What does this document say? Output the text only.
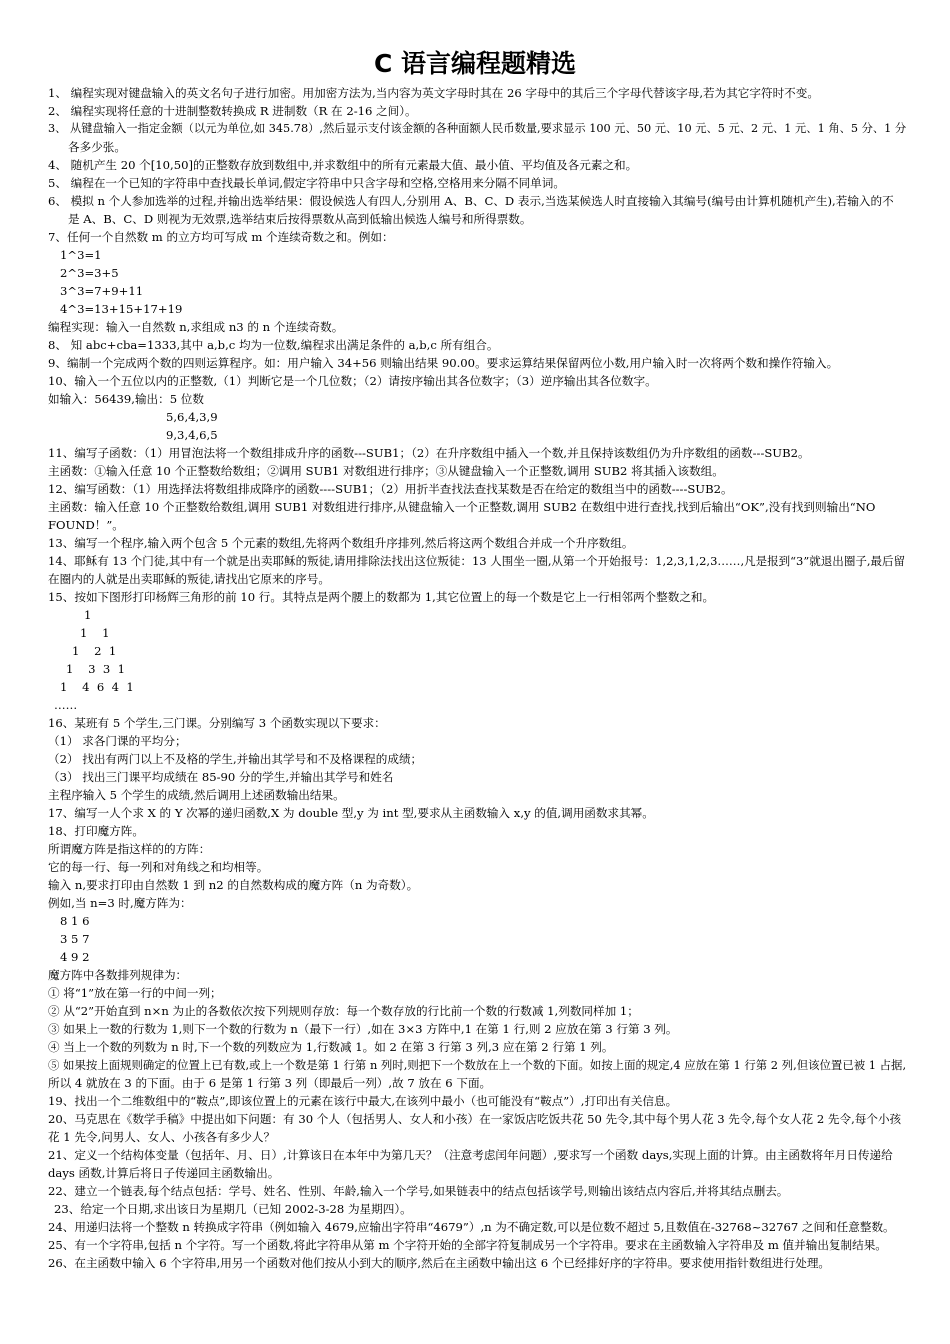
C 语言编程题精选
1、 编程实现对键盘输入的英文名句子进行加密。用加密方法为,当内容为英文字母时其在 26 字母中的其后三个字母代替该字母,若为其它字符时不变。
2、 编程实现将任意的十进制整数转换成 R 进制数（R 在 2-16 之间）。
3、 从键盘输入一指定金额（以元为单位,如 345.78）,然后显示支付该金额的各种面额人民币数量,要求显示 100 元、50 元、10 元、5 元、2 元、1 元、1 角、5 分、1 分
各多少张。
4、 随机产生 20 个[10,50]的正整数存放到数组中,并求数组中的所有元素最大值、最小值、平均值及各元素之和。
5、 编程在一个已知的字符串中查找最长单词,假定字符串中只含字母和空格,空格用来分隔不同单词。
6、 模拟 n 个人参加选举的过程,并输出选举结果：假设候选人有四人,分别用 A、B、C、D 表示,当选某候选人时直接输入其编号(编号由计算机随机产生),若输入的不
是 A、B、C、D 则视为无效票,选举结束后按得票数从高到低输出候选人编号和所得票数。
7、任何一个自然数 m 的立方均可写成 m 个连续奇数之和。例如：
1^3=1
2^3=3+5
3^3=7+9+11
4^3=13+15+17+19
编程实现：输入一自然数 n,求组成 n3 的 n 个连续奇数。
8、 知 abc+cba=1333,其中 a,b,c 均为一位数,编程求出满足条件的 a,b,c 所有组合。
9、编制一个完成两个数的四则运算程序。如：用户输入 34+56 则输出结果 90.00。要求运算结果保留两位小数,用户输入时一次将两个数和操作符输入。
10、输入一个五位以内的正整数,（1）判断它是一个几位数；（2）请按序输出其各位数字；（3）逆序输出其各位数字。
如输入：56439,输出：5 位数
5,6,4,3,9
9,3,4,6,5
11、编写子函数：（1）用冒泡法将一个数组排成升序的函数---SUB1；（2）在升序数组中插入一个数,并且保持该数组仍为升序数组的函数---SUB2。
主函数：①输入任意 10 个正整数给数组；②调用 SUB1 对数组进行排序；③从键盘输入一个正整数,调用 SUB2 将其插入该数组。
12、编写函数：（1）用选择法将数组排成降序的函数----SUB1；（2）用折半查找法查找某数是否在给定的数组当中的函数----SUB2。
主函数：输入任意 10 个正整数给数组,调用 SUB1 对数组进行排序,从键盘输入一个正整数,调用 SUB2 在数组中进行查找,找到后输出“OK”,没有找到则输出“NO
FOUND！”。
13、编写一个程序,输入两个包含 5 个元素的数组,先将两个数组升序排列,然后将这两个数组合并成一个升序数组。
14、耶稣有 13 个门徒,其中有一个就是出卖耶稣的叛徒,请用排除法找出这位叛徒：13 人围坐一圈,从第一个开始报号：1,2,3,1,2,3……,凡是报到“3”就退出圈子,最后留
在圈内的人就是出卖耶稣的叛徒,请找出它原来的序号。
15、按如下图形打印杨辉三角形的前 10 行。其特点是两个腰上的数都为 1,其它位置上的每一个数是它上一行相邻两个整数之和。
1
1    1
1    2  1
1    3  3  1
1    4  6  4  1
……
16、某班有 5 个学生,三门课。分别编写 3 个函数实现以下要求：
（1） 求各门课的平均分；
（2） 找出有两门以上不及格的学生,并输出其学号和不及格课程的成绩；
（3） 找出三门课平均成绩在 85-90 分的学生,并输出其学号和姓名
主程序输入 5 个学生的成绩,然后调用上述函数输出结果。
17、编写一人个求 X 的 Y 次幂的递归函数,X 为 double 型,y 为 int 型,要求从主函数输入 x,y 的值,调用函数求其幂。
18、打印魔方阵。
所谓魔方阵是指这样的的方阵：
它的每一行、每一列和对角线之和均相等。
输入 n,要求打印由自然数 1 到 n2 的自然数构成的魔方阵（n 为奇数）。
例如,当 n=3 时,魔方阵为：
8 1 6
3 5 7
4 9 2
魔方阵中各数排列规律为：
① 将“1”放在第一行的中间一列；
② 从“2”开始直到 n×n 为止的各数依次按下列规则存放：每一个数存放的行比前一个数的行数减 1,列数同样加 1；
③ 如果上一数的行数为 1,则下一个数的行数为 n（最下一行）,如在 3×3 方阵中,1 在第 1 行,则 2 应放在第 3 行第 3 列。
④ 当上一个数的列数为 n 时,下一个数的列数应为 1,行数减 1。如 2 在第 3 行第 3 列,3 应在第 2 行第 1 列。
⑤ 如果按上面规则确定的位置上已有数,或上一个数是第 1 行第 n 列时,则把下一个数放在上一个数的下面。如按上面的规定,4 应放在第 1 行第 2 列,但该位置已被 1 占据,
所以 4 就放在 3 的下面。由于 6 是第 1 行第 3 列（即最后一列）,故 7 放在 6 下面。
19、找出一个二维数组中的“鞍点”,即该位置上的元素在该行中最大,在该列中最小（也可能没有“鞍点”）,打印出有关信息。
20、马克思在《数学手稿》中提出如下问题：有 30 个人（包括男人、女人和小孩）在一家饭店吃饭共花 50 先令,其中每个男人花 3 先令,每个女人花 2 先令,每个小孩
花 1 先令,问男人、女人、小孩各有多少人？
21、定义一个结构体变量（包括年、月、日）,计算该日在本年中为第几天？（注意考虑闰年问题）,要求写一个函数 days,实现上面的计算。由主函数将年月日传递给
days 函数,计算后将日子传递回主函数输出。
22、建立一个链表,每个结点包括：学号、姓名、性别、年龄,输入一个学号,如果链表中的结点包括该学号,则输出该结点内容后,并将其结点删去。
23、给定一个日期,求出该日为星期几（已知 2002-3-28 为星期四）。
24、用递归法将一个整数 n 转换成字符串（例如输入 4679,应输出字符串“4679”）,n 为不确定数,可以是位数不超过 5,且数值在-32768~32767 之间和任意整数。
25、有一个字符串,包括 n 个字符。写一个函数,将此字符串从第 m 个字符开始的全部字符复制成另一个字符串。要求在主函数输入字符串及 m 值并输出复制结果。
26、在主函数中输入 6 个字符串,用另一个函数对他们按从小到大的顺序,然后在主函数中输出这 6 个已经排好序的字符串。要求使用指针数组进行处理。
